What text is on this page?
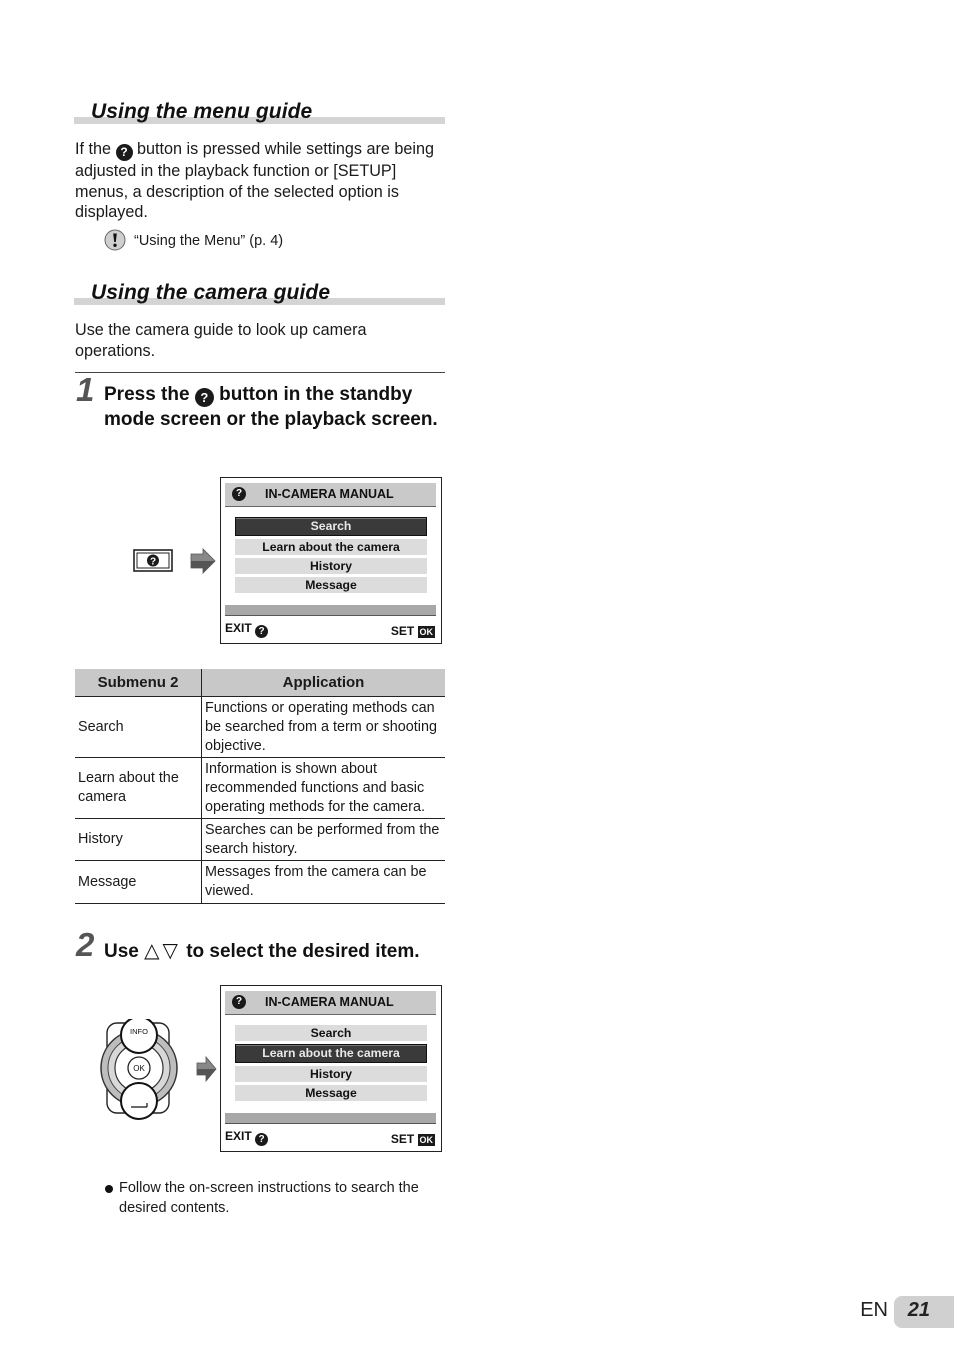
Using the menu guide
If the ? button is pressed while settings are being adjusted in the playback function or [SETUP] menus, a description of the selected option is displayed.
“Using the Menu” (p. 4)
Using the camera guide
Use the camera guide to look up camera operations.
1 Press the ? button in the standby mode screen or the playback screen.
?
?	IN-CAMERA MANUAL
Search
Learn about the camera
History
Message
EXIT ?	SET OK
Submenu 2	Application
Search	Functions or operating methods can be searched from a term or shooting objective.
Learn about the camera	Information is shown about recommended functions and basic operating methods for the camera.
History	Searches can be performed from the search history.
Message	Messages from the camera can be viewed.
2 Use △▽ to select the desired item.
OK
INFO
?	IN-CAMERA MANUAL
Search
Learn about the camera
History
Message
EXIT ?	SET OK
Follow the on-screen instructions to search the desired contents.
EN 21
